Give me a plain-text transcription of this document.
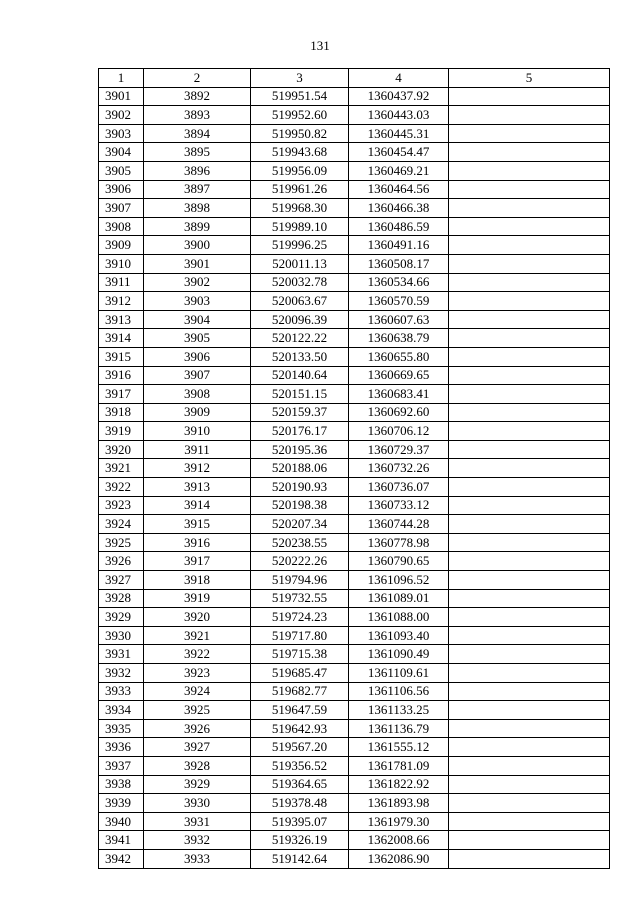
131
1	2	3	4	5
3901	3892	519951.54	1360437.92	
3902	3893	519952.60	1360443.03	
3903	3894	519950.82	1360445.31	
3904	3895	519943.68	1360454.47	
3905	3896	519956.09	1360469.21	
3906	3897	519961.26	1360464.56	
3907	3898	519968.30	1360466.38	
3908	3899	519989.10	1360486.59	
3909	3900	519996.25	1360491.16	
3910	3901	520011.13	1360508.17	
3911	3902	520032.78	1360534.66	
3912	3903	520063.67	1360570.59	
3913	3904	520096.39	1360607.63	
3914	3905	520122.22	1360638.79	
3915	3906	520133.50	1360655.80	
3916	3907	520140.64	1360669.65	
3917	3908	520151.15	1360683.41	
3918	3909	520159.37	1360692.60	
3919	3910	520176.17	1360706.12	
3920	3911	520195.36	1360729.37	
3921	3912	520188.06	1360732.26	
3922	3913	520190.93	1360736.07	
3923	3914	520198.38	1360733.12	
3924	3915	520207.34	1360744.28	
3925	3916	520238.55	1360778.98	
3926	3917	520222.26	1360790.65	
3927	3918	519794.96	1361096.52	
3928	3919	519732.55	1361089.01	
3929	3920	519724.23	1361088.00	
3930	3921	519717.80	1361093.40	
3931	3922	519715.38	1361090.49	
3932	3923	519685.47	1361109.61	
3933	3924	519682.77	1361106.56	
3934	3925	519647.59	1361133.25	
3935	3926	519642.93	1361136.79	
3936	3927	519567.20	1361555.12	
3937	3928	519356.52	1361781.09	
3938	3929	519364.65	1361822.92	
3939	3930	519378.48	1361893.98	
3940	3931	519395.07	1361979.30	
3941	3932	519326.19	1362008.66	
3942	3933	519142.64	1362086.90	
